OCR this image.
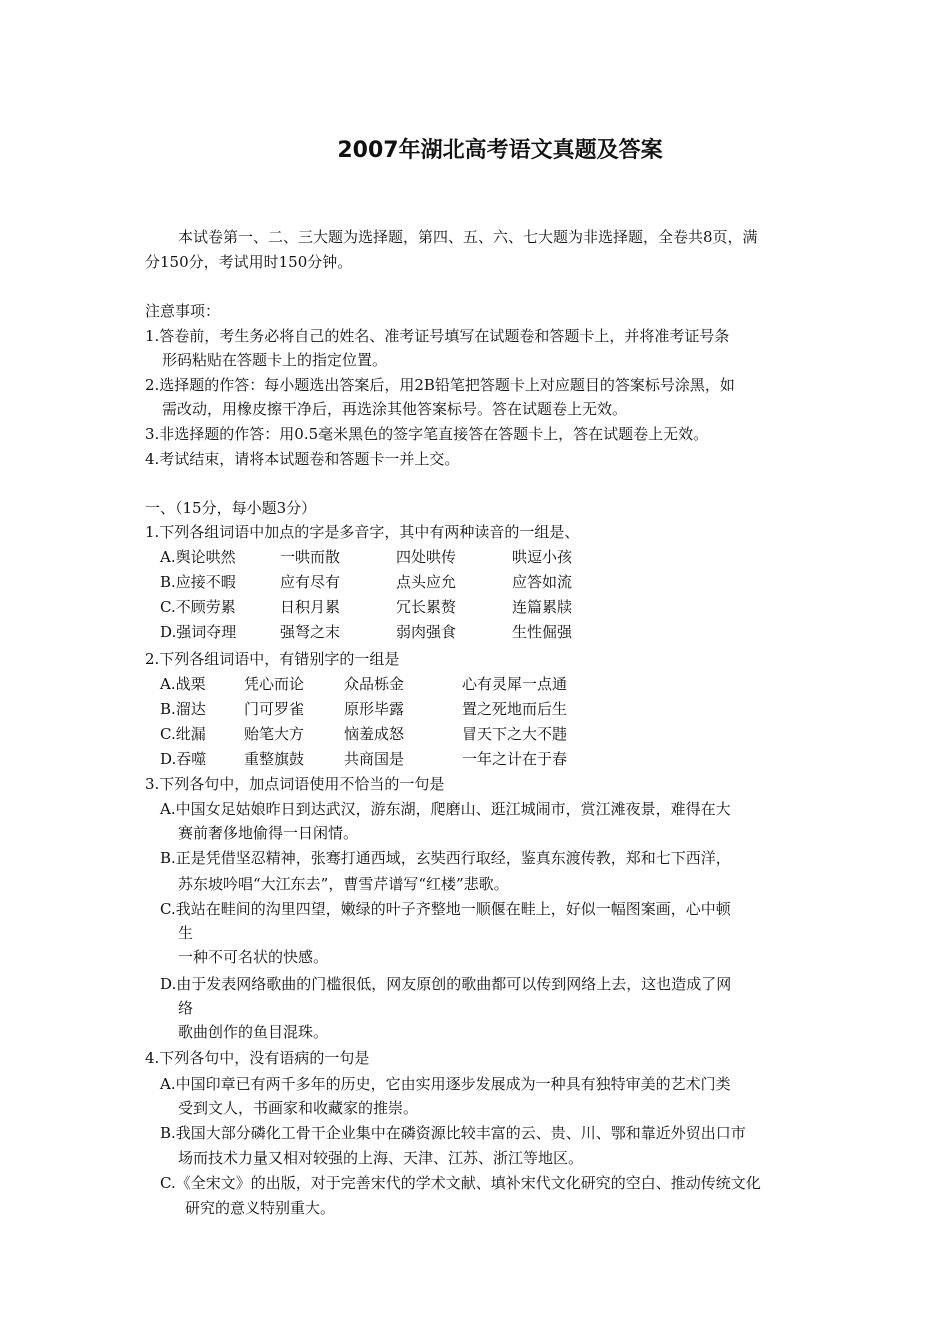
2007年湖北高考语文真题及答案
本试卷第一、二、三大题为选择题，第四、五、六、七大题为非选择题，全卷共8页，满
分150分，考试用时150分钟。
注意事项：
1.答卷前，考生务必将自己的姓名、准考证号填写在试题卷和答题卡上，并将准考证号条
形码粘贴在答题卡上的指定位置。
2.选择题的作答：每小题选出答案后，用2B铅笔把答题卡上对应题目的答案标号涂黑，如
需改动，用橡皮擦干净后，再选涂其他答案标号。答在试题卷上无效。
3.非选择题的作答：用0.5毫米黑色的签字笔直接答在答题卡上，答在试题卷上无效。
4.考试结束，请将本试题卷和答题卡一并上交。
一、（15分，每小题3分）
1.下列各组词语中加点的字是多音字，其中有两种读音的一组是、
A.舆论哄然	一哄而散	四处哄传	哄逗小孩
B.应接不暇	应有尽有	点头应允	应答如流
C.不顾劳累	日积月累	冗长累赘	连篇累牍
D.强词夺理	强弩之末	弱肉强食	生性倔强
2.下列各组词语中，有错别字的一组是
A.战栗	凭心而论	众品栎金	心有灵犀一点通
B.溜达	门可罗雀	原形毕露	置之死地而后生
C.纰漏	贻笔大方	恼羞成怒	冒天下之大不韪
D.吞噬	重整旗鼓	共商国是	一年之计在于春
3.下列各句中，加点词语使用不恰当的一句是
A.中国女足姑娘昨日到达武汉，游东湖，爬磨山、逛江城闹市，赏江滩夜景，难得在大
赛前奢侈地偷得一日闲情。
B.正是凭借坚忍精神，张骞打通西域，玄奘西行取经，鉴真东渡传教，郑和七下西洋，
苏东坡吟唱“大江东去”，曹雪芹谱写“红楼”悲歌。
C.我站在畦间的沟里四望，嫩绿的叶子齐整地一顺偃在畦上，好似一幅图案画，心中顿
生
一种不可名状的快感。
D.由于发表网络歌曲的门槛很低，网友原创的歌曲都可以传到网络上去，这也造成了网
络
歌曲创作的鱼目混珠。
4.下列各句中，没有语病的一句是
A.中国印章已有两千多年的历史，它由实用逐步发展成为一种具有独特审美的艺术门类
受到文人，书画家和收藏家的推崇。
B.我国大部分磷化工骨干企业集中在磷资源比较丰富的云、贵、川、鄂和靠近外贸出口市
场而技术力量又相对较强的上海、天津、江苏、浙江等地区。
C.《全宋文》的出版，对于完善宋代的学术文献、填补宋代文化研究的空白、推动传统文化
研究的意义特别重大。
